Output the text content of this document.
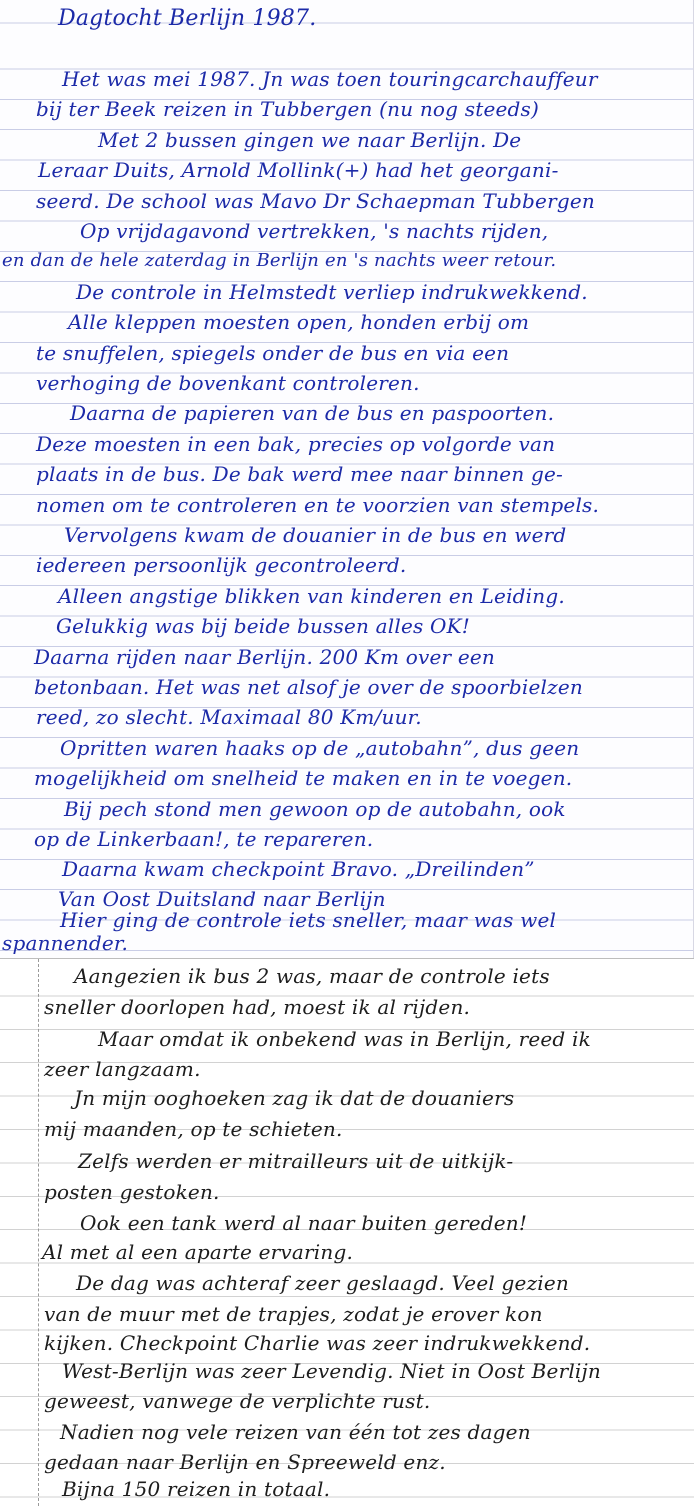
Dagtocht Berlijn 1987.

Het was mei 1987. Jn was toen touringcarchauffeur

bij ter Beek reizen in Tubbergen (nu nog steeds)

Met 2 bussen gingen we naar Berlijn. De

Leraar Duits, Arnold Mollink(+) had het georgani-

seerd. De school was Mavo Dr Schaepman Tubbergen

Op vrijdagavond vertrekken, 's nachts rijden,

en dan de hele zaterdag in Berlijn en 's nachts weer retour.

De controle in Helmstedt verliep indrukwekkend.

Alle kleppen moesten open, honden erbij om

te snuffelen, spiegels onder de bus en via een

verhoging de bovenkant controleren.

Daarna de papieren van de bus en paspoorten.

Deze moesten in een bak, precies op volgorde van

plaats in de bus. De bak werd mee naar binnen ge-

nomen om te controleren en te voorzien van stempels.

Vervolgens kwam de douanier in de bus en werd

iedereen persoonlijk gecontroleerd.

Alleen angstige blikken van kinderen en Leiding.

Gelukkig was bij beide bussen alles OK!

Daarna rijden naar Berlijn. 200 Km over een

betonbaan. Het was net alsof je over de spoorbielzen

reed, zo slecht. Maximaal 80 Km/uur.

Opritten waren haaks op de „autobahn”, dus geen

mogelijkheid om snelheid te maken en in te voegen.

Bij pech stond men gewoon op de autobahn, ook

op de Linkerbaan!, te repareren.

Daarna kwam checkpoint Bravo. „Dreilinden”

Van Oost Duitsland naar Berlijn

Hier ging de controle iets sneller, maar was wel

spannender.

Aangezien ik bus 2 was, maar de controle iets

sneller doorlopen had, moest ik al rijden.

Maar omdat ik onbekend was in Berlijn, reed ik

zeer langzaam.

Jn mijn ooghoeken zag ik dat de douaniers

mij maanden, op te schieten.

Zelfs werden er mitrailleurs uit de uitkijk-

posten gestoken.

Ook een tank werd al naar buiten gereden!

Al met al een aparte ervaring.

De dag was achteraf zeer geslaagd. Veel gezien

van de muur met de trapjes, zodat je erover kon

kijken. Checkpoint Charlie was zeer indrukwekkend.

West-Berlijn was zeer Levendig. Niet in Oost Berlijn

geweest, vanwege de verplichte rust.

Nadien nog vele reizen van één tot zes dagen

gedaan naar Berlijn en Spreeweld enz.

Bijna 150 reizen in totaal.
